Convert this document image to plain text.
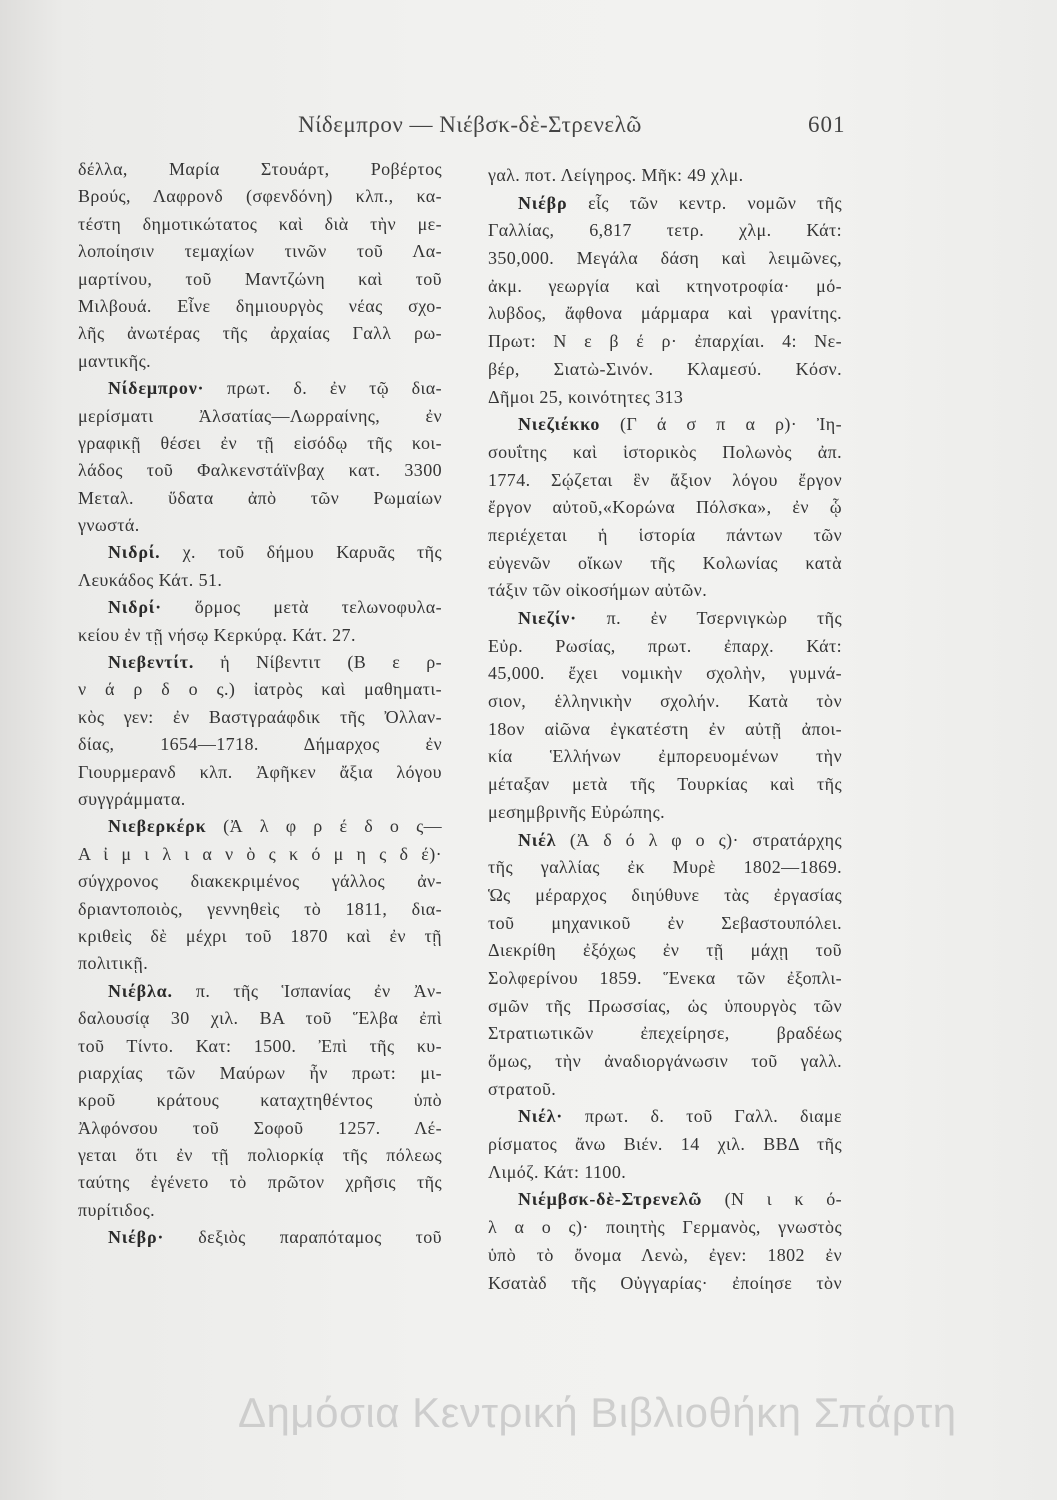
Νίδεμπρον — Νιέβσκ-δὲ-Στρενελῶ	601
δέλλα, Μαρία Στουάρτ, Ροβέρτος
Βρούς, Λαφρονδ (σφενδόνη) κλπ., κα-
τέστη δημοτικώτατος καὶ διὰ τὴν με-
λοποίησιν τεμαχίων τινῶν τοῦ Λα-
μαρτίνου, τοῦ Μαντζώνη καὶ τοῦ
Μιλβουά. Εἶνε δημιουργὸς νέας σχο-
λῆς ἀνωτέρας τῆς ἀρχαίας Γαλλ ρω-
μαντικῆς.
Νίδεμπρον· πρωτ. δ. ἐν τῷ δια-
μερίσματι Ἀλσατίας—Λωρραίνης, ἐν
γραφικῇ θέσει ἐν τῇ εἰσόδῳ τῆς κοι-
λάδος τοῦ Φαλκενστάϊνβαχ κατ. 3300
Μεταλ. ὕδατα ἀπὸ τῶν Ρωμαίων
γνωστά.
Νιδρί. χ. τοῦ δήμου Καρυᾶς τῆς
Λευκάδος Κάτ. 51.
Νιδρί· ὅρμος μετὰ τελωνοφυλα-
κείου ἐν τῇ νήσῳ Κερκύρᾳ. Κάτ. 27.
Νιεβεντίτ. ἡ Νίβεντιτ (Β ε ρ-
ν ά ρ δ ο ς.) ἰατρὸς καὶ μαθηματι-
κὸς γεν: ἐν Βαστγραάφδικ τῆς Ὀλλαν-
δίας, 1654—1718. Δήμαρχος ἐν
Γιουρμερανδ κλπ. Ἀφῆκεν ἄξια λόγου
συγγράμματα.
Νιεβερκέρκ (Ἀ λ φ ρ έ δ ο ς—
Α ἰ μ ι λ ι α ν ὸ ς κ ό μ η ς δ έ)·
σύγχρονος διακεκριμένος γάλλος ἀν-
δριαντοποιὸς, γεννηθεὶς τὸ 1811, δια-
κριθεὶς δὲ μέχρι τοῦ 1870 καὶ ἐν τῇ
πολιτικῇ.
Νιέβλα. π. τῆς Ἱσπανίας ἐν Ἀν-
δαλουσίᾳ 30 χιλ. ΒΑ τοῦ Ἕλβα ἐπὶ
τοῦ Τίντο. Κατ: 1500. Ἐπὶ τῆς κυ-
ριαρχίας τῶν Μαύρων ἦν πρωτ: μι-
κροῦ κράτους καταχτηθέντος ὑπὸ
Ἀλφόνσου τοῦ Σοφοῦ 1257. Λέ-
γεται ὅτι ἐν τῇ πολιορκίᾳ τῆς πόλεως
ταύτης ἐγένετο τὸ πρῶτον χρῆσις τῆς
πυρίτιδος.
Νιέβρ· δεξιὸς παραπόταμος τοῦ
γαλ. ποτ. Λείγηρος. Μῆκ: 49 χλμ.
Νιέβρ εἷς τῶν κεντρ. νομῶν τῆς
Γαλλίας, 6,817 τετρ. χλμ. Κάτ:
350,000. Μεγάλα δάση καὶ λειμῶνες,
ἀκμ. γεωργία καὶ κτηνοτροφία· μό-
λυβδος, ἄφθονα μάρμαρα καὶ γρανίτης.
Πρωτ: Ν ε β έ ρ· ἐπαρχίαι. 4: Νε-
βέρ, Σιατὼ-Σινόν. Κλαμεσύ. Κόσν.
Δῆμοι 25, κοινότητες 313
Νιεζιέκκο (Γ ά σ π α ρ)· Ἰη-
σουΐτης καὶ ἱστορικὸς Πολωνὸς ἀπ.
1774. Σῴζεται ἓν ἄξιον λόγου ἔργον
ἔργον αὐτοῦ,«Κορώνα Πόλσκα», ἐν ᾧ
περιέχεται ἡ ἱστορία πάντων τῶν
εὐγενῶν οἴκων τῆς Κολωνίας κατὰ
τάξιν τῶν οἰκοσήμων αὐτῶν.
Νιεζίν· π. ἐν Τσερνιγκὼρ τῆς
Εὐρ. Ρωσίας, πρωτ. ἐπαρχ. Κάτ:
45,000. ἔχει νομικὴν σχολὴν, γυμνά-
σιον, ἑλληνικὴν σχολήν. Κατὰ τὸν
18ον αἰῶνα ἐγκατέστη ἐν αὐτῇ ἀποι-
κία Ἑλλήνων ἐμπορευομένων τὴν
μέταξαν μετὰ τῆς Τουρκίας καὶ τῆς
μεσημβρινῆς Εὐρώπης.
Νιέλ (Ἀ δ ό λ φ ο ς)· στρατάρχης
τῆς γαλλίας ἐκ Μυρὲ 1802—1869.
Ὡς μέραρχος διηύθυνε τὰς ἐργασίας
τοῦ μηχανικοῦ ἐν Σεβαστουπόλει.
Διεκρίθη ἐξόχως ἐν τῇ μάχῃ τοῦ
Σολφερίνου 1859. Ἕνεκα τῶν ἐξοπλι-
σμῶν τῆς Πρωσσίας, ὡς ὑπουργὸς τῶν
Στρατιωτικῶν ἐπεχείρησε, βραδέως
ὅμως, τὴν ἀναδιοργάνωσιν τοῦ γαλλ.
στρατοῦ.
Νιέλ· πρωτ. δ. τοῦ Γαλλ. διαμε
ρίσματος ἄνω Βιέν. 14 χιλ. ΒΒΔ τῆς
Λιμόζ. Κάτ: 1100.
Νιέμβσκ-δὲ-Στρενελῶ (Ν ι κ ό-
λ α ο ς)· ποιητὴς Γερμανὸς, γνωστὸς
ὑπὸ τὸ ὄνομα Λενὼ, ἐγεν: 1802 ἐν
Κσατὰδ τῆς Οὐγγαρίας· ἐποίησε τὸν
Δημόσια Κεντρική Βιβλιοθήκη Σπάρτη
